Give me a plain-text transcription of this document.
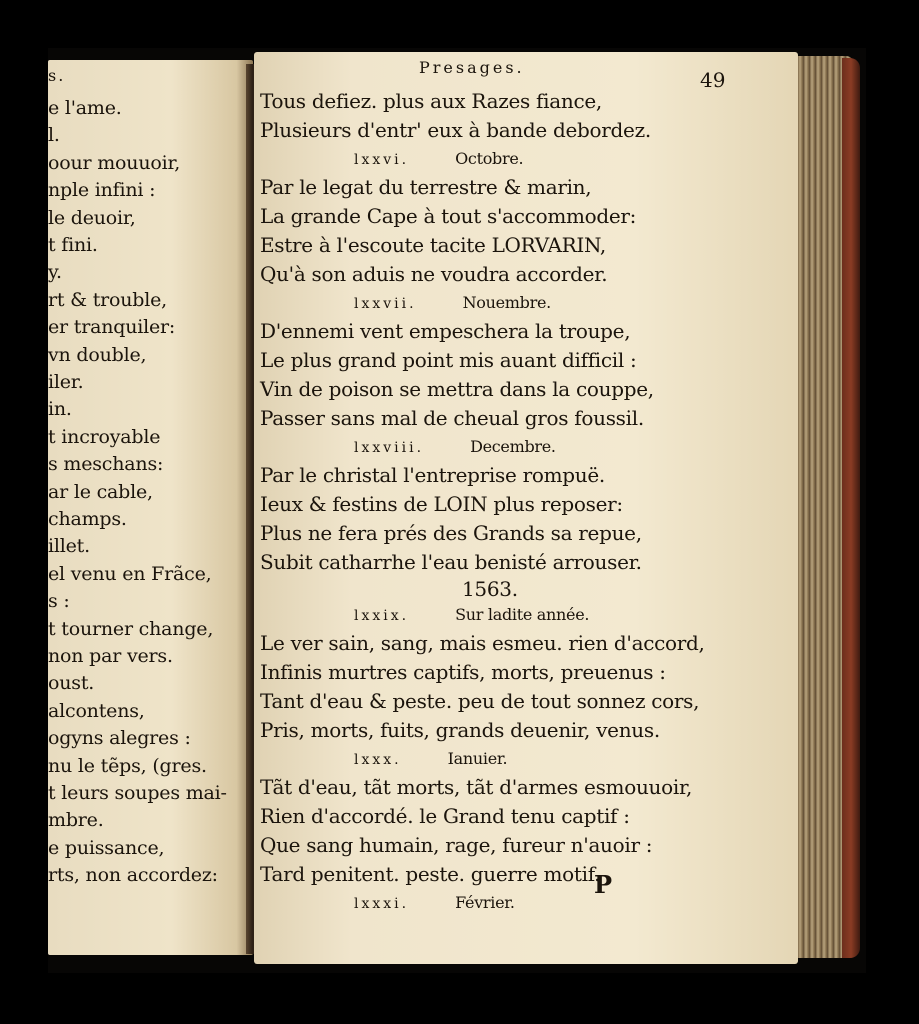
s.
e l'ame.
l.
oour mouuoir,
nple infini :
le deuoir,
t fini.
y.
rt & trouble,
er tranquiler:
vn double,
iler.
in.
t incroyable
s meschans:
ar le cable,
champs.
illet.
el venu en Frãce,
s :
t tourner change,
non par vers.
oust.
alcontens,
ogyns alegres :
nu le tẽps, (gres.
t leurs soupes mai-
mbre.
e puissance,
rts, non accordez:
Presages.
49
Tous defiez. plus aux Razes fiance,
Plusieurs d'entr' eux à bande debordez.
lxxvi.	Octobre.
Par le legat du terrestre & marin,
La grande Cape à tout s'accommoder:
Estre à l'escoute tacite LORVARIN,
Qu'à son aduis ne voudra accorder.
lxxvii.	Nouembre.
D'ennemi vent empeschera la troupe,
Le plus grand point mis auant difficil :
Vin de poison se mettra dans la couppe,
Passer sans mal de cheual gros foussil.
lxxviii.	Decembre.
Par le christal l'entreprise rompuë.
Ieux & festins de LOIN plus reposer:
Plus ne fera prés des Grands sa repue,
Subit catharrhe l'eau benisté arrouser.
1563.
lxxix.	Sur ladite année.
Le ver sain, sang, mais esmeu. rien d'accord,
Infinis murtres captifs, morts, preuenus :
Tant d'eau & peste. peu de tout sonnez cors,
Pris, morts, fuits, grands deuenir, venus.
lxxx.	Ianuier.
Tãt d'eau, tãt morts, tãt d'armes esmouuoir,
Rien d'accordé. le Grand tenu captif :
Que sang humain, rage, fureur n'auoir :
Tard penitent. peste. guerre motif.
lxxxi.	Février.
P
